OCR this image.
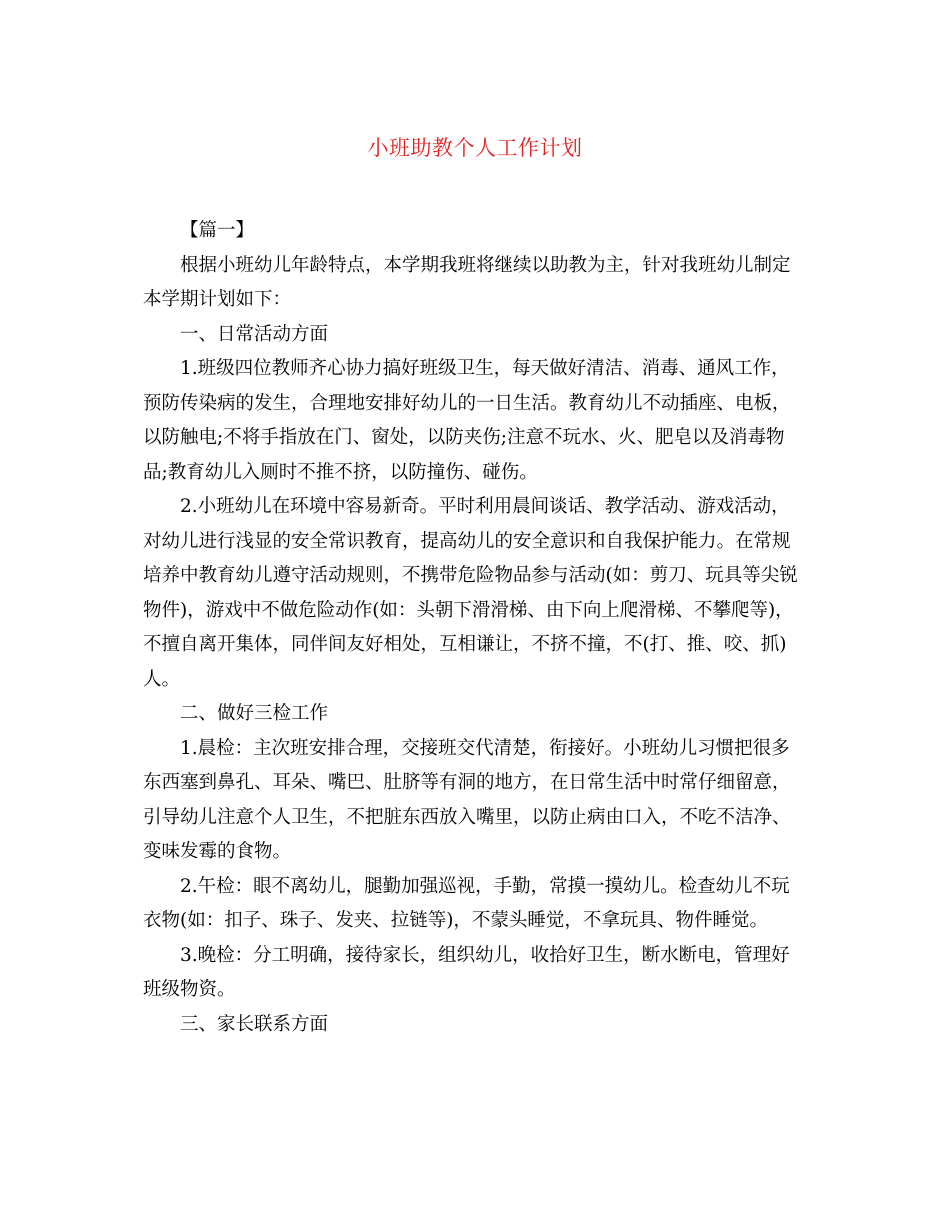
小班助教个人工作计划

【篇一】

根据小班幼儿年龄特点，本学期我班将继续以助教为主，针对我班幼儿制定本学期计划如下：

一、日常活动方面

1.班级四位教师齐心协力搞好班级卫生，每天做好清洁、消毒、通风工作，预防传染病的发生，合理地安排好幼儿的一日生活。教育幼儿不动插座、电板，以防触电;不将手指放在门、窗处，以防夹伤;注意不玩水、火、肥皂以及消毒物品;教育幼儿入厕时不推不挤，以防撞伤、碰伤。

2.小班幼儿在环境中容易新奇。平时利用晨间谈话、教学活动、游戏活动，对幼儿进行浅显的安全常识教育，提高幼儿的安全意识和自我保护能力。在常规培养中教育幼儿遵守活动规则，不携带危险物品参与活动(如：剪刀、玩具等尖锐物件)，游戏中不做危险动作(如：头朝下滑滑梯、由下向上爬滑梯、不攀爬等)，不擅自离开集体，同伴间友好相处，互相谦让，不挤不撞，不(打、推、咬、抓)人。

二、做好三检工作

1.晨检：主次班安排合理，交接班交代清楚，衔接好。小班幼儿习惯把很多东西塞到鼻孔、耳朵、嘴巴、肚脐等有洞的地方，在日常生活中时常仔细留意，引导幼儿注意个人卫生，不把脏东西放入嘴里，以防止病由口入，不吃不洁净、变味发霉的食物。

2.午检：眼不离幼儿，腿勤加强巡视，手勤，常摸一摸幼儿。检查幼儿不玩衣物(如：扣子、珠子、发夹、拉链等)，不蒙头睡觉，不拿玩具、物件睡觉。

3.晚检：分工明确，接待家长，组织幼儿，收拾好卫生，断水断电，管理好班级物资。

三、家长联系方面
